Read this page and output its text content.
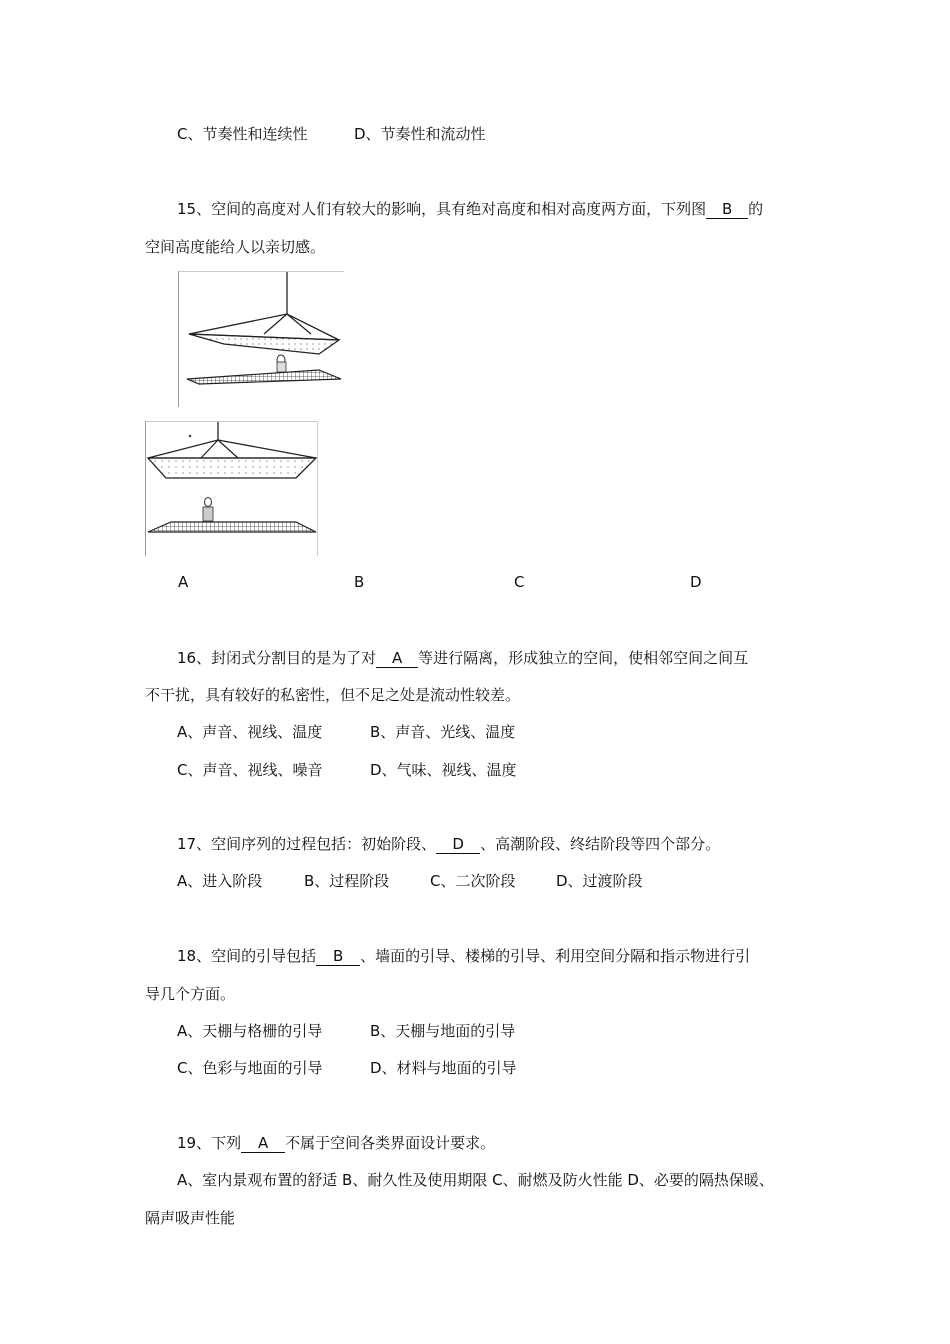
C、节奏性和连续性	D、节奏性和流动性
15、空间的高度对人们有较大的影响，具有绝对高度和相对高度两方面，下列图 B 的
空间高度能给人以亲切感。
A	B	C	D
16、封闭式分割目的是为了对 A 等进行隔离，形成独立的空间，使相邻空间之间互
不干扰，具有较好的私密性，但不足之处是流动性较差。
A、声音、视线、温度	B、声音、光线、温度
C、声音、视线、噪音	D、气味、视线、温度
17、空间序列的过程包括：初始阶段、 D 、高潮阶段、终结阶段等四个部分。
A、进入阶段	B、过程阶段	C、二次阶段	D、过渡阶段
18、空间的引导包括 B 、墙面的引导、楼梯的引导、利用空间分隔和指示物进行引
导几个方面。
A、天棚与格栅的引导	B、天棚与地面的引导
C、色彩与地面的引导	D、材料与地面的引导
19、下列 A 不属于空间各类界面设计要求。
A、室内景观布置的舒适 B、耐久性及使用期限 C、耐燃及防火性能 D、必要的隔热保暖、
隔声吸声性能
